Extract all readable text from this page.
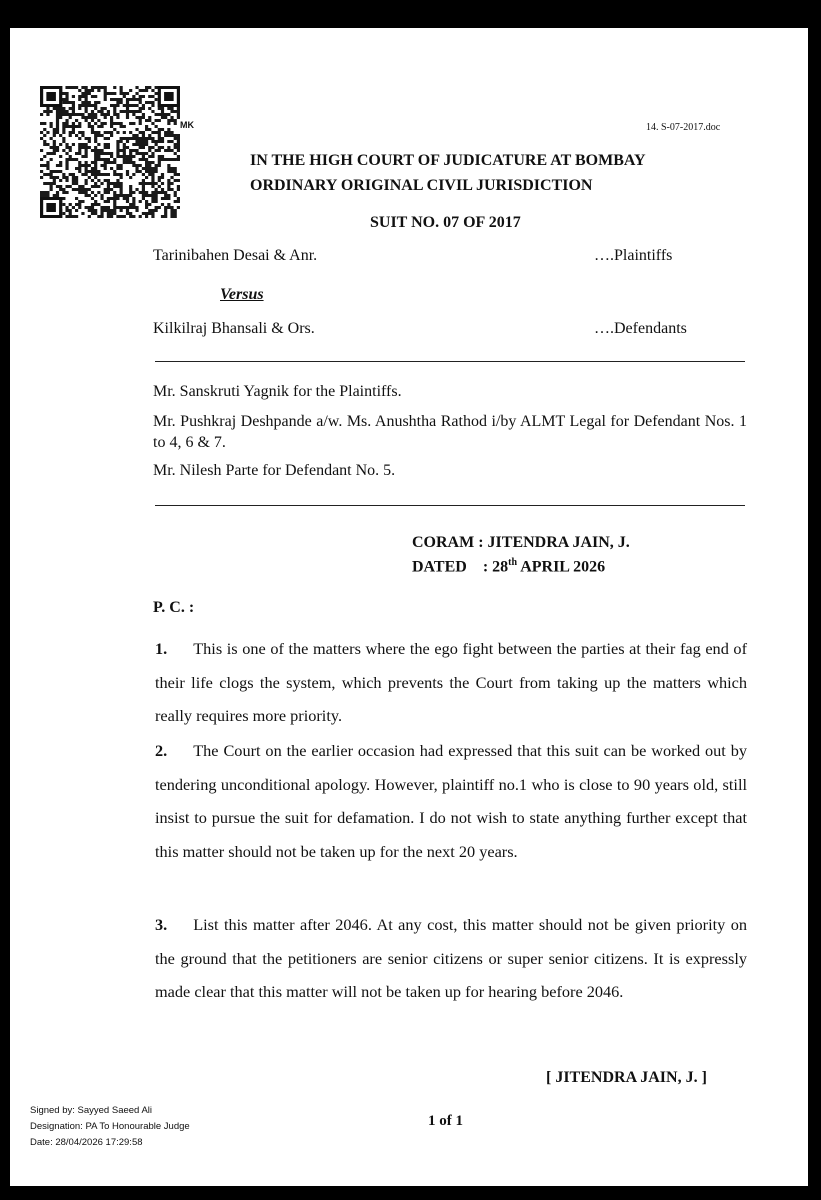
MK	14. S-07-2017.doc
IN THE HIGH COURT OF JUDICATURE AT BOMBAY
ORDINARY ORIGINAL CIVIL JURISDICTION
SUIT NO. 07 OF 2017
Tarinibahen Desai & Anr.	….Plaintiffs
Versus
Kilkilraj Bhansali & Ors.	….Defendants
Mr. Sanskruti Yagnik for the Plaintiffs.
Mr. Pushkraj Deshpande a/w. Ms. Anushtha Rathod i/by ALMT Legal for Defendant Nos. 1 to 4, 6 & 7.
Mr. Nilesh Parte for Defendant No. 5.
CORAM : JITENDRA JAIN, J.
DATED    : 28th APRIL 2026
P. C. :
1. This is one of the matters where the ego fight between the parties at their fag end of their life clogs the system, which prevents the Court from taking up the matters which really requires more priority.
2. The Court on the earlier occasion had expressed that this suit can be worked out by tendering unconditional apology. However, plaintiff no.1 who is close to 90 years old, still insist to pursue the suit for defamation. I do not wish to state anything further except that this matter should not be taken up for the next 20 years.
3. List this matter after 2046. At any cost, this matter should not be given priority on the ground that the petitioners are senior citizens or super senior citizens. It is expressly made clear that this matter will not be taken up for hearing before 2046.
[ JITENDRA JAIN, J. ]
Signed by: Sayyed Saeed Ali
Designation: PA To Honourable Judge
Date: 28/04/2026 17:29:58
1 of 1
